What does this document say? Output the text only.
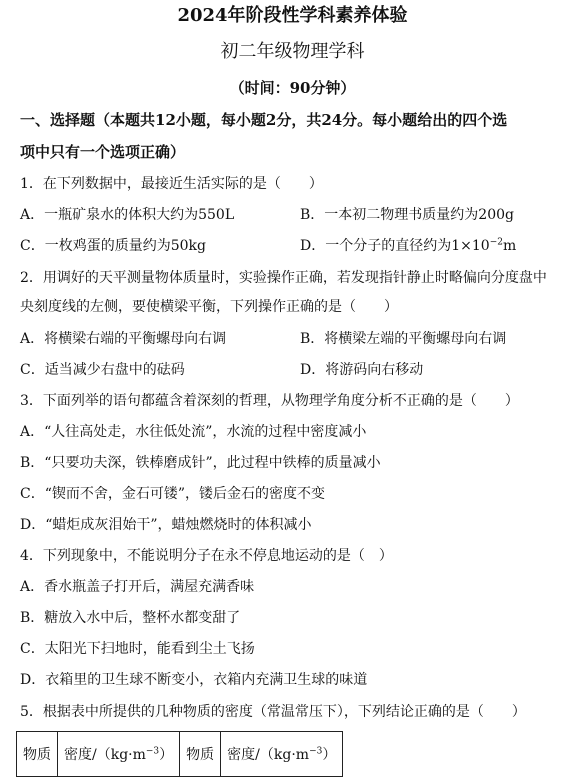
2024年阶段性学科素养体验
初二年级物理学科
（时间：90分钟）
一、选择题（本题共12小题，每小题2分，共24分。每小题给出的四个选
项中只有一个选项正确）
1．在下列数据中，最接近生活实际的是（　　）
A．一瓶矿泉水的体积大约为550L	B．一本初二物理书质量约为200g
C．一枚鸡蛋的质量约为50kg	D．一个分子的直径约为$1\times 10^{-2}m$
2．用调好的天平测量物体质量时，实验操作正确，若发现指针静止时略偏向分度盘中
央刻度线的左侧，要使横梁平衡，下列操作正确的是（　　）
A．将横梁右端的平衡螺母向右调	B．将横梁左端的平衡螺母向右调
C．适当减少右盘中的砝码	D．将游码向右移动
3．下面列举的语句都蕴含着深刻的哲理，从物理学角度分析不正确的是（　　）
A．“人往高处走，水往低处流”，水流的过程中密度减小
B．“只要功夫深，铁棒磨成针”，此过程中铁棒的质量减小
C．“锲而不舍，金石可镂”，镂后金石的密度不变
D．“蜡炬成灰泪始干”，蜡烛燃烧时的体积减小
4．下列现象中，不能说明分子在永不停息地运动的是（　）
A．香水瓶盖子打开后，满屋充满香味
B．糖放入水中后，整杯水都变甜了
C．太阳光下扫地时，能看到尘土飞扬
D．衣箱里的卫生球不断变小，衣箱内充满卫生球的味道
5．根据表中所提供的几种物质的密度（常温常压下），下列结论正确的是（　　）
物质	密度$/(kg\cdot m^{-3})$	物质	密度$/(kg\cdot m^{-3})$
